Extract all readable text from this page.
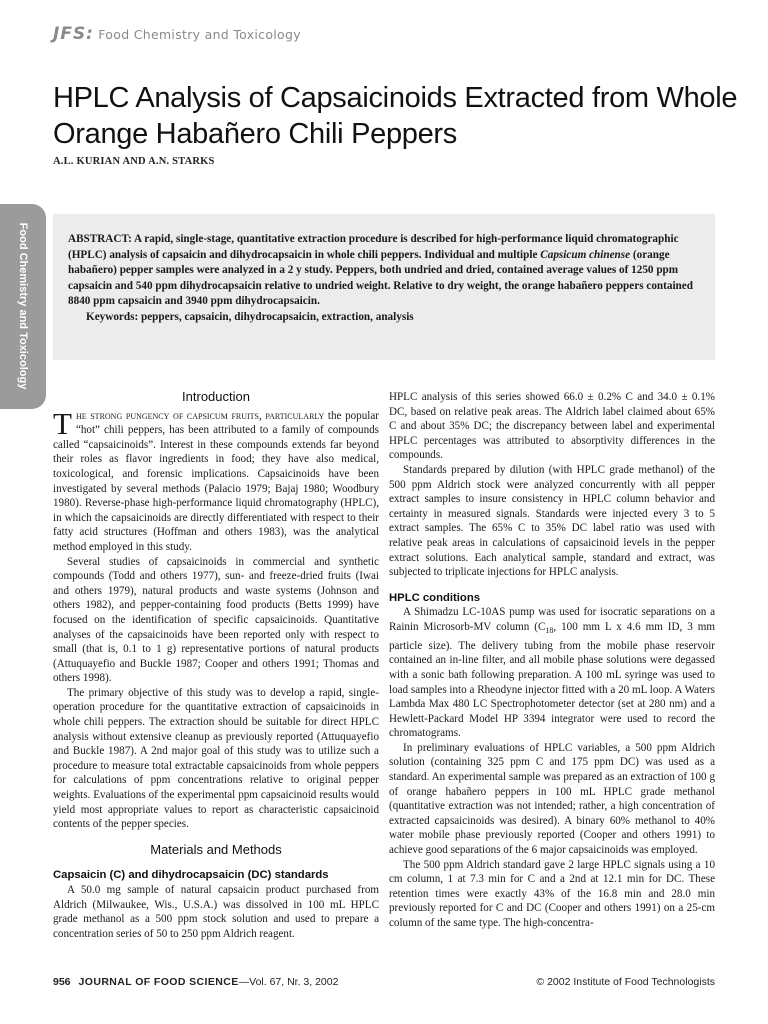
JFS: Food Chemistry and Toxicology
HPLC Analysis of Capsaicinoids Extracted from Whole Orange Habañero Chili Peppers
A.L. KURIAN AND A.N. STARKS
Food Chemistry and Toxicology	ABSTRACT: A rapid, single-stage, quantitative extraction procedure is described for high-performance liquid chromatographic (HPLC) analysis of capsaicin and dihydrocapsaicin in whole chili peppers. Individual and multiple Capsicum chinense (orange habañero) pepper samples were analyzed in a 2 y study. Peppers, both undried and dried, contained average values of 1250 ppm capsaicin and 540 ppm dihydrocapsaicin relative to undried weight. Relative to dry weight, the orange habañero peppers contained 8840 ppm capsaicin and 3940 ppm dihydrocapsaicin.

Keywords: peppers, capsaicin, dihydrocapsaicin, extraction, analysis

Introduction

The strong pungency of capsicum fruits, particularly the popular “hot” chili peppers, has been attributed to a family of compounds called “capsaicinoids”. Interest in these compounds extends far beyond their roles as flavor ingredients in food; they have also medical, toxicological, and forensic implications. Capsaicinoids have been investigated by several methods (Palacio 1979; Bajaj 1980; Woodbury 1980). Reverse-phase high-performance liquid chromatography (HPLC), in which the capsaicinoids are directly differentiated with respect to their fatty acid structures (Hoffman and others 1983), was the analytical method employed in this study.

Several studies of capsaicinoids in commercial and synthetic compounds (Todd and others 1977), sun- and freeze-dried fruits (Iwai and others 1979), natural products and waste systems (Johnson and others 1982), and pepper-containing food products (Betts 1999) have focused on the identification of specific capsaicinoids. Quantitative analyses of the capsaicinoids have been reported only with respect to small (that is, 0.1 to 1 g) representative portions of natural products (Attuquayefio and Buckle 1987; Cooper and others 1991; Thomas and others 1998).

The primary objective of this study was to develop a rapid, single-operation procedure for the quantitative extraction of capsaicinoids in whole chili peppers. The extraction should be suitable for direct HPLC analysis without extensive cleanup as previously reported (Attuquayefio and Buckle 1987). A 2nd major goal of this study was to utilize such a procedure to measure total extractable capsaicinoids from whole peppers for calculations of ppm concentrations relative to original pepper weights. Evaluations of the experimental ppm capsaicinoid results would yield most appropriate values to report as characteristic capsaicinoid contents of the pepper species.

Materials and Methods
Capsaicin (C) and dihydrocapsaicin (DC) standards

A 50.0 mg sample of natural capsaicin product purchased from Aldrich (Milwaukee, Wis., U.S.A.) was dissolved in 100 mL HPLC grade methanol as a 500 ppm stock solution and used to prepare a concentration series of 50 to 250 ppm Aldrich reagent.

HPLC analysis of this series showed 66.0 ± 0.2% C and 34.0 ± 0.1% DC, based on relative peak areas. The Aldrich label claimed about 65% C and about 35% DC; the discrepancy between label and experimental HPLC percentages was attributed to absorptivity differences in the compounds.

Standards prepared by dilution (with HPLC grade methanol) of the 500 ppm Aldrich stock were analyzed concurrently with all pepper extract samples to insure consistency in HPLC column behavior and certainty in measured signals. Standards were injected every 3 to 5 extract samples. The 65% C to 35% DC label ratio was used with relative peak areas in calculations of capsaicinoid levels in the pepper extract solutions. Each analytical sample, standard and extract, was subjected to triplicate injections for HPLC analysis.

HPLC conditions

A Shimadzu LC-10AS pump was used for isocratic separations on a Rainin Microsorb-MV column ($C_{18}$, 100 mm L x 4.6 mm ID, 3 mm particle size). The delivery tubing from the mobile phase reservoir contained an in-line filter, and all mobile phase solutions were degassed with a sonic bath following preparation. A 100 mL syringe was used to load samples into a Rheodyne injector fitted with a 20 mL loop. A Waters Lambda Max 480 LC Spectrophotometer detector (set at 280 nm) and a Hewlett-Packard Model HP 3394 integrator were used to record the chromatograms.

In preliminary evaluations of HPLC variables, a 500 ppm Aldrich solution (containing 325 ppm C and 175 ppm DC) was used as a standard. An experimental sample was prepared as an extraction of 100 g of orange habañero peppers in 100 mL HPLC grade methanol (quantitative extraction was not intended; rather, a high concentration of extracted capsaicinoids was desired). A binary 60% methanol to 40% water mobile phase previously reported (Cooper and others 1991) to achieve good separations of the 6 major capsaicinoids was employed.

The 500 ppm Aldrich standard gave 2 large HPLC signals using a 10 cm column, 1 at 7.3 min for C and a 2nd at 12.1 min for DC. These retention times were exactly 43% of the 16.8 min and 28.0 min previously reported for C and DC (Cooper and others 1991) on a 25-cm column of the same type. The high-concentra-

956 JOURNAL OF FOOD SCIENCE—Vol. 67, Nr. 3, 2002	© 2002 Institute of Food Technologists
